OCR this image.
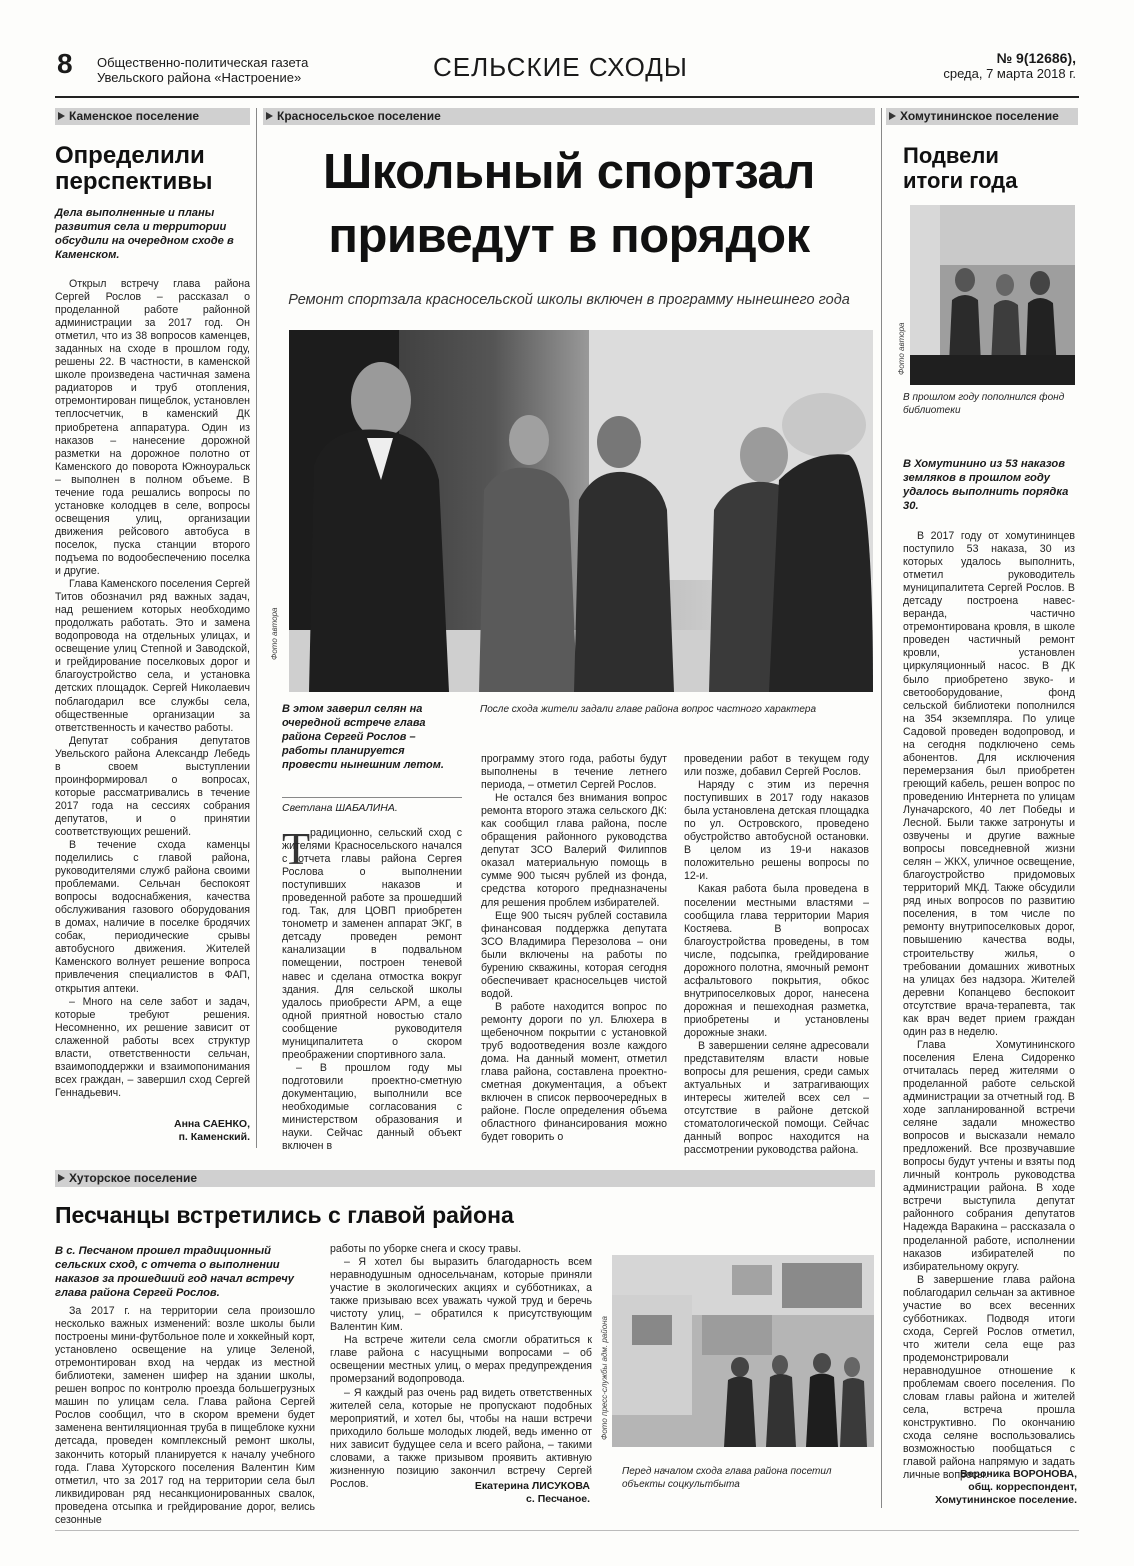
8 Общественно-политическая газета
Увельского района «Настроение»	СЕЛЬСКИЕ СХОДЫ	№ 9(12686),
среда, 7 марта 2018 г.
Каменское поселение	Красносельское поселение	Хомутининское поселение
Определили
перспективы
Дела выполненные и планы развития села и территории обсудили на очередном сходе в Каменском.

Открыл встречу глава района Сергей Рослов – рассказал о проделанной работе районной администрации за 2017 год. Он отметил, что из 38 вопросов каменцев, заданных на сходе в прошлом году, решены 22. В частности, в каменской школе произведена частичная замена радиаторов и труб отопления, отремонтирован пищеблок, установлен теплосчетчик, в каменский ДК приобретена аппаратура. Один из наказов – нанесение дорожной разметки на дорожное полотно от Каменского до поворота Южноуральск – выполнен в полном объеме. В течение года решались вопросы по установке колодцев в селе, вопросы освещения улиц, организации движения рейсового автобуса в поселок, пуска станции второго подъема по водообеспечению поселка и другие.

Глава Каменского поселения Сергей Титов обозначил ряд важных задач, над решением которых необходимо продолжать работать. Это и замена водопровода на отдельных улицах, и освещение улиц Степной и Заводской, и грейдирование поселковых дорог и благоустройство села, и установка детских площадок. Сергей Николаевич поблагодарил все службы села, общественные организации за ответственность и качество работы.

Депутат собрания депутатов Увельского района Александр Лебедь в своем выступлении проинформировал о вопросах, которые рассматривались в течение 2017 года на сессиях собрания депутатов, и о принятии соответствующих решений.

В течение схода каменцы поделились с главой района, руководителями служб района своими проблемами. Сельчан беспокоят вопросы водоснабжения, качества обслуживания газового оборудования в домах, наличие в поселке бродячих собак, периодические срывы автобусного движения. Жителей Каменского волнует решение вопроса привлечения специалистов в ФАП, открытия аптеки.

– Много на селе забот и задач, которые требуют решения. Несомненно, их решение зависит от слаженной работы всех структур власти, ответственности сельчан, взаимоподдержки и взаимопонимания всех граждан, – завершил сход Сергей Геннадьевич.

Анна САЕНКО,
п. Каменский.
Школьный спортзал
приведут в порядок
Ремонт спортзала красносельской школы включен в программу нынешнего года
Фото автора
После схода жители задали главе района вопрос частного характера
В этом заверил селян на очередной встрече глава района Сергей Рослов – работы планируется провести нынешним летом.
Светлана ШАБАЛИНА.
Т радиционно, сельский сход с жителями Красносельского начался с отчета главы района Сергея Рослова о выполнении поступивших наказов и проведенной работе за прошедший год. Так, для ЦОВП приобретен тонометр и заменен аппарат ЭКГ, в детсаду проведен ремонт канализации в подвальном помещении, построен теневой навес и сделана отмостка вокруг здания. Для сельской школы удалось приобрести АРМ, а еще одной приятной новостью стало сообщение руководителя муниципалитета о скором преображении спортивного зала.

– В прошлом году мы подготовили проектно-сметную документацию, выполнили все необходимые согласования с министерством образования и науки. Сейчас данный объект включен в

программу этого года, работы будут выполнены в течение летнего периода, – отметил Сергей Рослов.

Не остался без внимания вопрос ремонта второго этажа сельского ДК: как сообщил глава района, после обращения районного руководства депутат ЗСО Валерий Филиппов оказал материальную помощь в сумме 900 тысяч рублей из фонда, средства которого предназначены для решения проблем избирателей.

Еще 900 тысяч рублей составила финансовая поддержка депутата ЗСО Владимира Перезолова – они были включены на работы по бурению скважины, которая сегодня обеспечивает красносельцев чистой водой.

В работе находится вопрос по ремонту дороги по ул. Блюхера в щебеночном покрытии с установкой труб водоотведения возле каждого дома. На данный момент, отметил глава района, составлена проектно-сметная документация, а объект включен в список первоочередных в районе. После определения объема областного финансирования можно будет говорить о

проведении работ в текущем году или позже, добавил Сергей Рослов.

Наряду с этим из перечня поступивших в 2017 году наказов была установлена детская площадка по ул. Островского, проведено обустройство автобусной остановки. В целом из 19-и наказов положительно решены вопросы по 12-и.

Какая работа была проведена в поселении местными властями – сообщила глава территории Мария Костяева. В вопросах благоустройства проведены, в том числе, подсыпка, грейдирование дорожного полотна, ямочный ремонт асфальтового покрытия, обкос внутрипоселковых дорог, нанесена дорожная и пешеходная разметка, приобретены и установлены дорожные знаки.

В завершении селяне адресовали представителям власти новые вопросы для решения, среди самых актуальных и затрагивающих интересы жителей всех сел – отсутствие в районе детской стоматологической помощи. Сейчас данный вопрос находится на рассмотрении руководства района.

Подвели
итоги года
Фото автора
В прошлом году пополнился фонд библиотеки
В Хомутинино из 53 наказов земляков в прошлом году удалось выполнить порядка 30.

В 2017 году от хомутининцев поступило 53 наказа, 30 из которых удалось выполнить, отметил руководитель муниципалитета Сергей Рослов. В детсаду построена навес-веранда, частично отремонтирована кровля, в школе проведен частичный ремонт кровли, установлен циркуляционный насос. В ДК было приобретено звуко- и светооборудование, фонд сельской библиотеки пополнился на 354 экземпляра. По улице Садовой проведен водопровод, и на сегодня подключено семь абонентов. Для исключения перемерзания был приобретен греющий кабель, решен вопрос по проведению Интернета по улицам Луначарского, 40 лет Победы и Лесной. Были также затронуты и озвучены и другие важные вопросы повседневной жизни селян – ЖКХ, уличное освещение, благоустройство придомовых территорий МКД. Также обсудили ряд иных вопросов по развитию поселения, в том числе по ремонту внутрипоселковых дорог, повышению качества воды, строительству жилья, о требовании домашних животных на улицах без надзора. Жителей деревни Копанцево беспокоит отсутствие врача-терапевта, так как врач ведет прием граждан один раз в неделю.

Глава Хомутининского поселения Елена Сидоренко отчиталась перед жителями о проделанной работе сельской администрации за отчетный год. В ходе запланированной встречи селяне задали множество вопросов и высказали немало предложений. Все прозвучавшие вопросы будут учтены и взяты под личный контроль руководства администрации района. В ходе встречи выступила депутат районного собрания депутатов Надежда Варакина – рассказала о проделанной работе, исполнении наказов избирателей по избирательному округу.

В завершение глава района поблагодарил сельчан за активное участие во всех весенних субботниках. Подводя итоги схода, Сергей Рослов отметил, что жители села еще раз продемонстрировали неравнодушное отношение к проблемам своего поселения. По словам главы района и жителей села, встреча прошла конструктивно. По окончанию схода селяне воспользовались возможностью пообщаться с главой района напрямую и задать личные вопросы.

Вероника ВОРОНОВА,
общ. корреспондент,
Хомутининское поселение.
Хуторское поселение
Песчанцы встретились с главой района
В с. Песчаном прошел традиционный сельских сход, с отчета о выполнении наказов за прошедший год начал встречу глава района Сергей Рослов.

За 2017 г. на территории села произошло несколько важных изменений: возле школы были построены мини-футбольное поле и хоккейный корт, установлено освещение на улице Зеленой, отремонтирован вход на чердак из местной библиотеки, заменен шифер на здании школы, решен вопрос по контролю проезда большегрузных машин по улицам села. Глава района Сергей Рослов сообщил, что в скором времени будет заменена вентиляционная труба в пищеблоке кухни детсада, проведен комплексный ремонт школы, закончить который планируется к началу учебного года. Глава Хуторского поселения Валентин Ким отметил, что за 2017 год на территории села был ликвидирован ряд несанкционированных свалок, проведена отсыпка и грейдирование дорог, велись сезонные

работы по уборке снега и скосу травы.

– Я хотел бы выразить благодарность всем неравнодушным односельчанам, которые приняли участие в экологических акциях и субботниках, а также призываю всех уважать чужой труд и беречь чистоту улиц, – обратился к присутствующим Валентин Ким.

На встрече жители села смогли обратиться к главе района с насущными вопросами – об освещении местных улиц, о мерах предупреждения промерзаний водопровода.

– Я каждый раз очень рад видеть ответственных жителей села, которые не пропускают подобных мероприятий, и хотел бы, чтобы на наши встречи приходило больше молодых людей, ведь именно от них зависит будущее села и всего района, – такими словами, а также призывом проявить активную жизненную позицию закончил встречу Сергей Рослов.	Екатерина ЛИСУКОВА
с. Песчаное.
Фото пресс-службы адм. района
Перед началом схода глава района посетил объекты соцкультбыта
